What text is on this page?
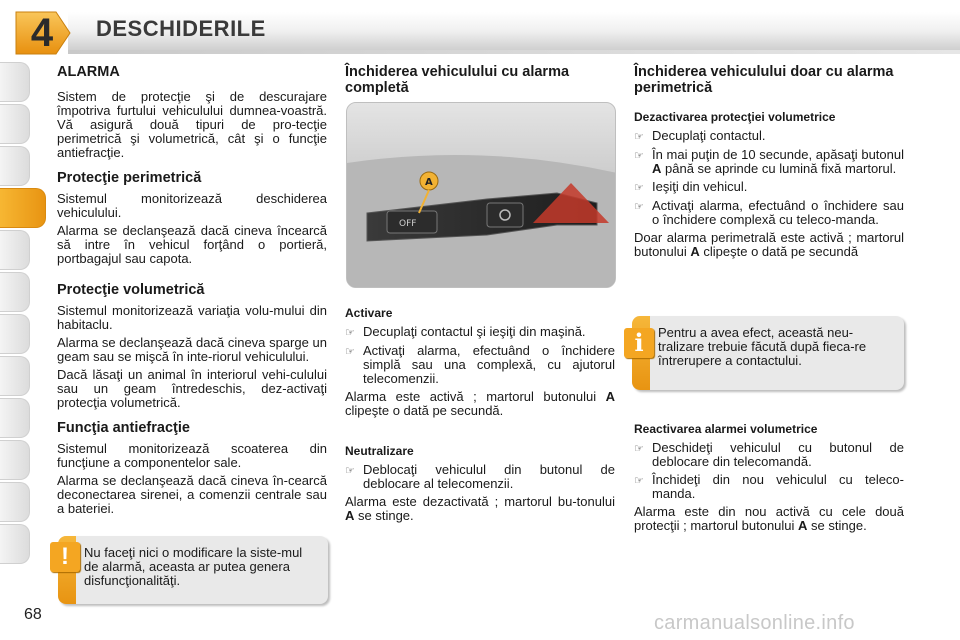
4	DESCHIDERILE
ALARMA

Sistem de protecţie şi de descurajare împotriva furtului vehiculului dumnea-voastră. Vă asigură două tipuri de pro-tecţie perimetrică şi volumetrică, cât şi o funcţie antiefracţie.

Protecţie perimetrică

Sistemul monitorizează deschiderea vehiculului.

Alarma se declanşează dacă cineva încearcă să intre în vehicul forţând o portieră, portbagajul sau capota.

Protecţie volumetrică

Sistemul monitorizează variaţia volu-mului din habitaclu.

Alarma se declanşează dacă cineva sparge un geam sau se mişcă în inte-riorul vehiculului.

Dacă lăsaţi un animal în interiorul vehi-culului sau un geam întredeschis, dez-activaţi protecţia volumetrică.

Funcţia antiefracţie

Sistemul monitorizează scoaterea din funcţiune a componentelor sale.

Alarma se declanşează dacă cineva în-cearcă deconectarea sirenei, a comenzii centrale sau a bateriei.

Închiderea vehiculului cu alarma completă
OFF
A
Activare
☞ Decuplaţi contactul şi ieşiţi din maşină.
☞ Activaţi alarma, efectuând o închidere simplă sau una complexă, cu ajutorul telecomenzii.

Alarma este activă ; martorul butonului A clipeşte o dată pe secundă.

Neutralizare
☞ Deblocaţi vehiculul din butonul de deblocare al telecomenzii.

Alarma este dezactivată ; martorul bu-tonului A se stinge.

Închiderea vehiculului doar cu alarma perimetrică
Dezactivarea protecţiei volumetrice
☞ Decuplaţi contactul.
☞ În mai puţin de 10 secunde, apăsaţi butonul A până se aprinde cu lumină fixă martorul.
☞ Ieşiţi din vehicul.
☞ Activaţi alarma, efectuând o închidere sau o închidere complexă cu teleco-manda.

Doar alarma perimetrală este activă ; martorul butonului A clipeşte o dată pe secundă

Reactivarea alarmei volumetrice
☞ Deschideţi vehiculul cu butonul de deblocare din telecomandă.
☞ Închideţi din nou vehiculul cu teleco-manda.

Alarma este din nou activă cu cele două protecţii ; martorul butonului A se stinge.

i	Pentru a avea efect, această neu-tralizare trebuie făcută după fieca-re întrerupere a contactului.
!	Nu faceţi nici o modificare la siste-mul de alarmă, aceasta ar putea genera disfuncţionalităţi.
68	carmanualsonline.info
